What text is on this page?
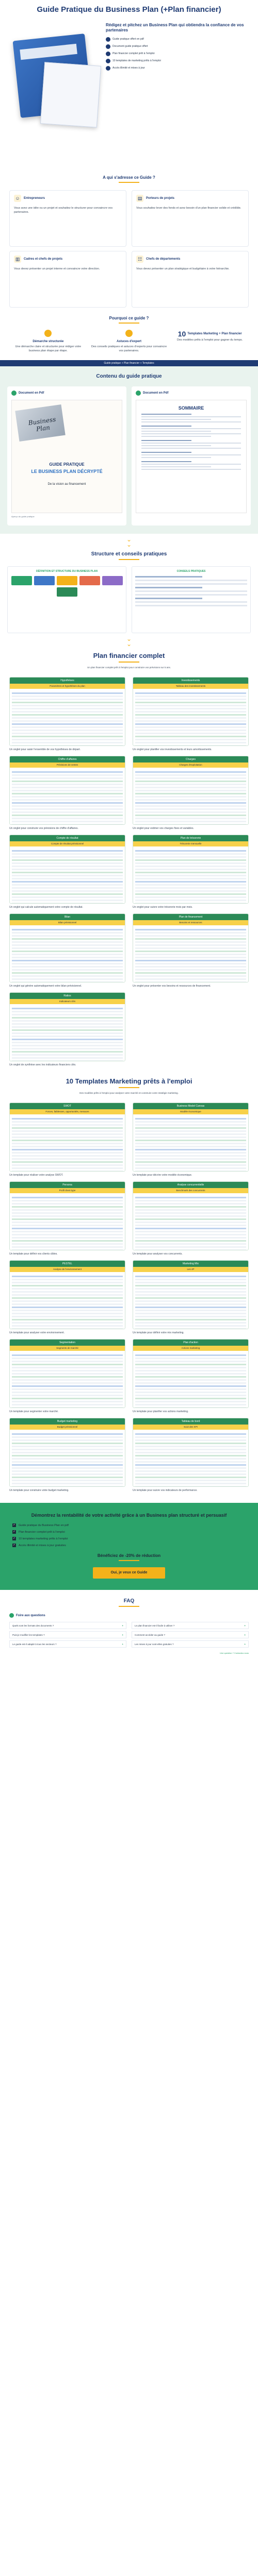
Guide Pratique du Business Plan (+Plan financier)

Rédigez et pitchez un Business Plan qui obtiendra la confiance de vos partenaires

✓	Guide pratique offert en pdf
✓	Document guide pratique offert
✓	Plan financier complet prêt à l'emploi
✓	10 templates de marketing prêts à l'emploi
✓	Accès illimité et mises à jour
A qui s'adresse ce Guide ?
☺	Entrepreneurs

Vous avez une idée ou un projet et souhaitez le structurer pour convaincre vos partenaires.

▤	Porteurs de projets

Vous souhaitez lever des fonds et avez besoin d'un plan financier solide et crédible.

▥	Cadres et chefs de projets

Vous devez présenter un projet interne et convaincre votre direction.

☷	Chefs de départements

Vous devez présenter un plan stratégique et budgétaire à votre hiérarchie.

Pourquoi ce guide ?
Démarche structurée

Une démarche claire et structurée pour rédiger votre business plan étape par étape.

Astuces d'expert

Des conseils pratiques et astuces d'experts pour convaincre vos partenaires.

10 Templates Marketing + Plan financier

Des modèles prêts à l'emploi pour gagner du temps.

Guide pratique + Plan financier + Templates
Contenu du guide pratique
Document en Pdf
Business Plan
GUIDE PRATIQUE
LE BUSINESS PLAN DÉCRYPTÉ
De la vision au financement
Aperçu du guide pratique
Document en Pdf
SOMMAIRE
⌄
⌄
Structure et conseils pratiques
DÉFINITION ET STRUCTURE DU BUSINESS PLAN	CONSEILS PRATIQUES
⌄
⌄
Plan financier complet

Un plan financier complet prêt à l'emploi pour construire vos prévisions sur 5 ans.

Hypothèses
Paramètres et hypothèses du plan

Un onglet pour saisir l'ensemble de vos hypothèses de départ.

Investissements
Tableau des investissements

Un onglet pour planifier vos investissements et leurs amortissements.

Chiffre d'affaires
Prévisions de ventes

Un onglet pour construire vos prévisions de chiffre d'affaires.

Charges
Charges d'exploitation

Un onglet pour estimer vos charges fixes et variables.

Compte de résultat
Compte de résultat prévisionnel

Un onglet qui calcule automatiquement votre compte de résultat.

Plan de trésorerie
Trésorerie mensuelle

Un onglet pour suivre votre trésorerie mois par mois.

Bilan
Bilan prévisionnel

Un onglet qui génère automatiquement votre bilan prévisionnel.

Plan de financement
Besoins et ressources

Un onglet pour présenter vos besoins et ressources de financement.

Ratios
Indicateurs clés

Un onglet de synthèse avec les indicateurs financiers clés.

10 Templates Marketing prêts à l'emploi

Des modèles prêts à l'emploi pour analyser votre marché et construire votre stratégie marketing.

SWOT
Forces, faiblesses, opportunités, menaces

Un template pour réaliser votre analyse SWOT.

Business Model Canvas
Modèle économique

Un template pour décrire votre modèle économique.

Persona
Profil client type

Un template pour définir vos clients cibles.

Analyse concurrentielle
Benchmark des concurrents

Un template pour analyser vos concurrents.

PESTEL
Analyse de l'environnement

Un template pour analyser votre environnement.

Marketing Mix
Les 4P

Un template pour définir votre mix marketing.

Segmentation
Segments de marché

Un template pour segmenter votre marché.

Plan d'action
Actions marketing

Un template pour planifier vos actions marketing.

Budget marketing
Budget prévisionnel

Un template pour construire votre budget marketing.

Tableau de bord
Suivi des KPI

Un template pour suivre vos indicateurs de performance.

Démontrez la rentabilité de votre activité grâce à un Business plan structuré et persuasif
✓ Guide pratique du Business Plan en pdf
✓ Plan financier complet prêt à l'emploi
✓ 10 templates marketing prêts à l'emploi
✓ Accès illimité et mises à jour gratuites
Bénéficiez de -20% de réduction
Oui, je veux ce Guide
FAQ
Foire aux questions
Quels sont les formats des documents ?	+	Le plan financier est-il facile à utiliser ?	+
Puis-je modifier les templates ?	+	Comment accéder au guide ?	+
Le guide est-il adapté à tous les secteurs ?	+	Les mises à jour sont-elles gratuites ?	+
Une question ? Contactez-nous
